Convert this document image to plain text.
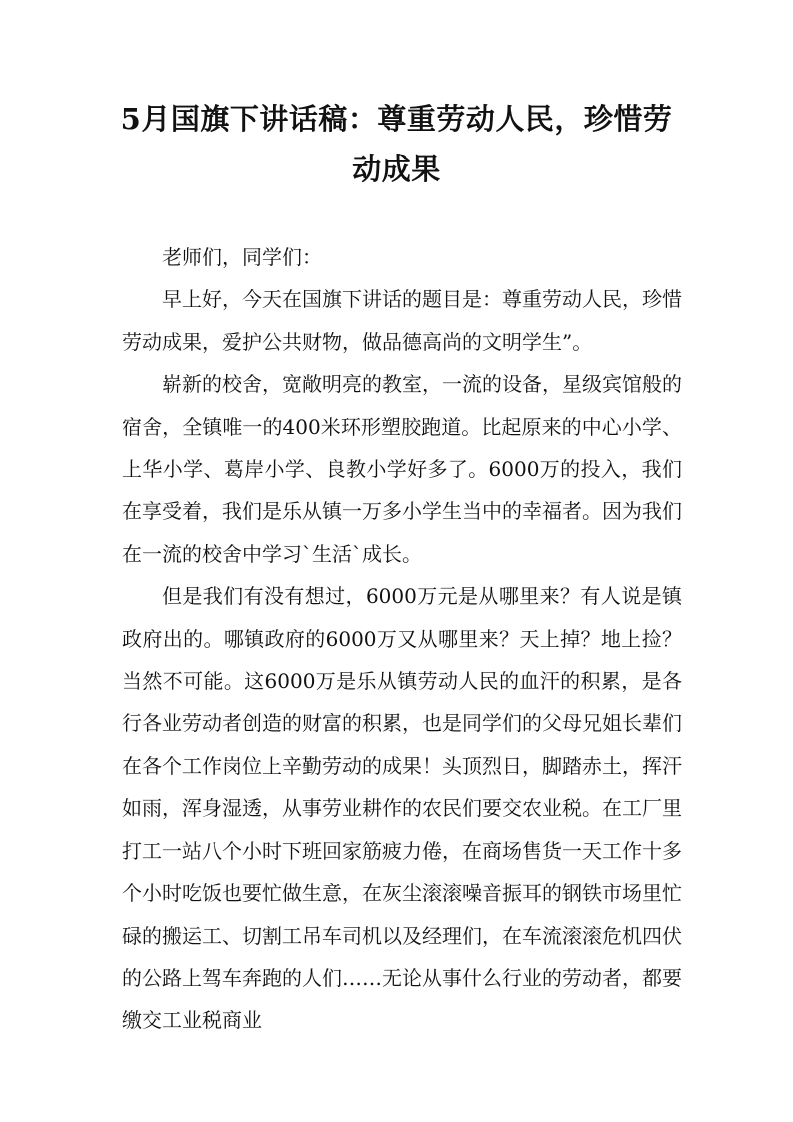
5月国旗下讲话稿：尊重劳动人民，珍惜劳动成果

老师们，同学们：

早上好，今天在国旗下讲话的题目是：尊重劳动人民，珍惜劳动成果，爱护公共财物，做品德高尚的文明学生”。

崭新的校舍，宽敞明亮的教室，一流的设备，星级宾馆般的宿舍，全镇唯一的400米环形塑胶跑道。比起原来的中心小学、上华小学、葛岸小学、良教小学好多了。6000万的投入，我们在享受着，我们是乐从镇一万多小学生当中的幸福者。因为我们在一流的校舍中学习`生活`成长。

但是我们有没有想过，6000万元是从哪里来？有人说是镇政府出的。哪镇政府的6000万又从哪里来？天上掉？地上捡？当然不可能。这6000万是乐从镇劳动人民的血汗的积累，是各行各业劳动者创造的财富的积累，也是同学们的父母兄姐长辈们在各个工作岗位上辛勤劳动的成果！头顶烈日，脚踏赤土，挥汗如雨，浑身湿透，从事劳业耕作的农民们要交农业税。在工厂里打工一站八个小时下班回家筋疲力倦，在商场售货一天工作十多个小时吃饭也要忙做生意，在灰尘滚滚噪音振耳的钢铁市场里忙碌的搬运工、切割工吊车司机以及经理们，在车流滚滚危机四伏的公路上驾车奔跑的人们……无论从事什么行业的劳动者，都要缴交工业税商业
